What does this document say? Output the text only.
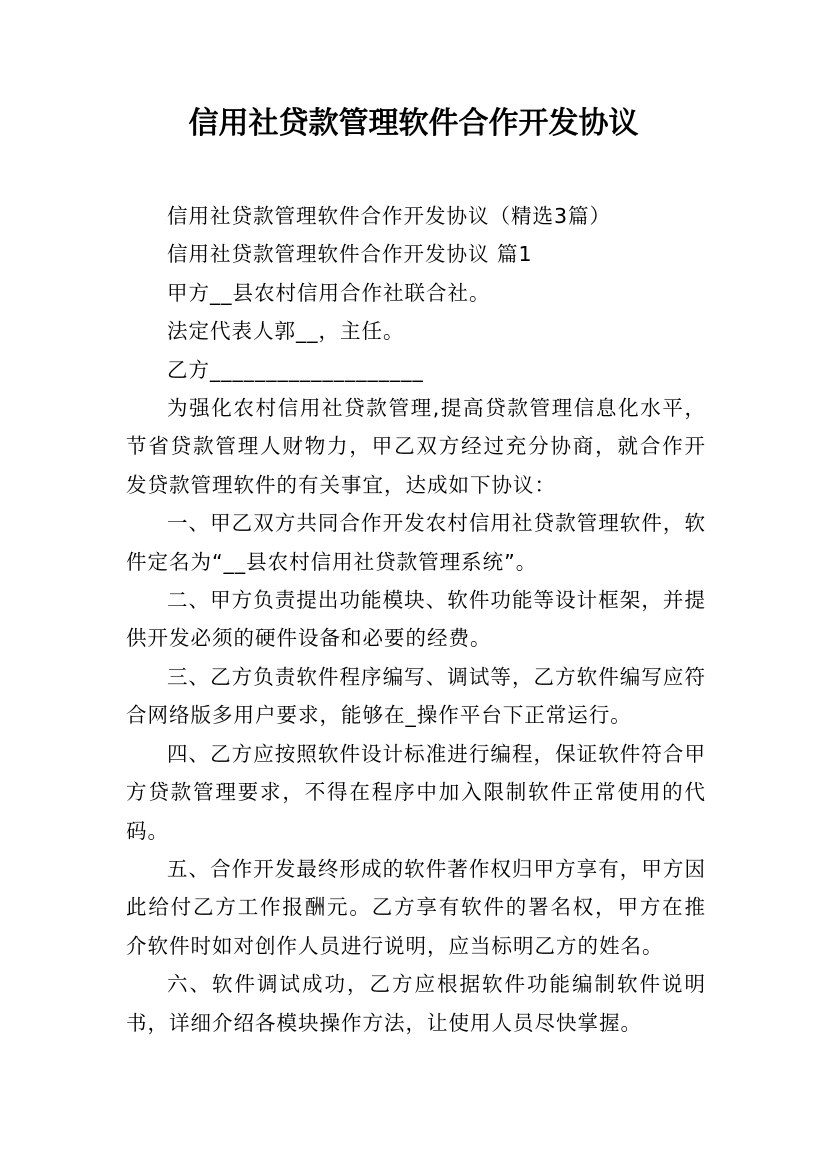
信用社贷款管理软件合作开发协议

信用社贷款管理软件合作开发协议（精选3篇）

信用社贷款管理软件合作开发协议 篇1

甲方__县农村信用合作社联合社。

法定代表人郭__，主任。

乙方___________________

为强化农村信用社贷款管理,提高贷款管理信息化水平，节省贷款管理人财物力，甲乙双方经过充分协商，就合作开发贷款管理软件的有关事宜，达成如下协议：

一、甲乙双方共同合作开发农村信用社贷款管理软件，软件定名为“__县农村信用社贷款管理系统”。

二、甲方负责提出功能模块、软件功能等设计框架，并提供开发必须的硬件设备和必要的经费。

三、乙方负责软件程序编写、调试等，乙方软件编写应符合网络版多用户要求，能够在_操作平台下正常运行。

四、乙方应按照软件设计标准进行编程，保证软件符合甲方贷款管理要求，不得在程序中加入限制软件正常使用的代码。

五、合作开发最终形成的软件著作权归甲方享有，甲方因此给付乙方工作报酬元。乙方享有软件的署名权，甲方在推介软件时如对创作人员进行说明，应当标明乙方的姓名。

六、软件调试成功，乙方应根据软件功能编制软件说明书，详细介绍各模块操作方法，让使用人员尽快掌握。
